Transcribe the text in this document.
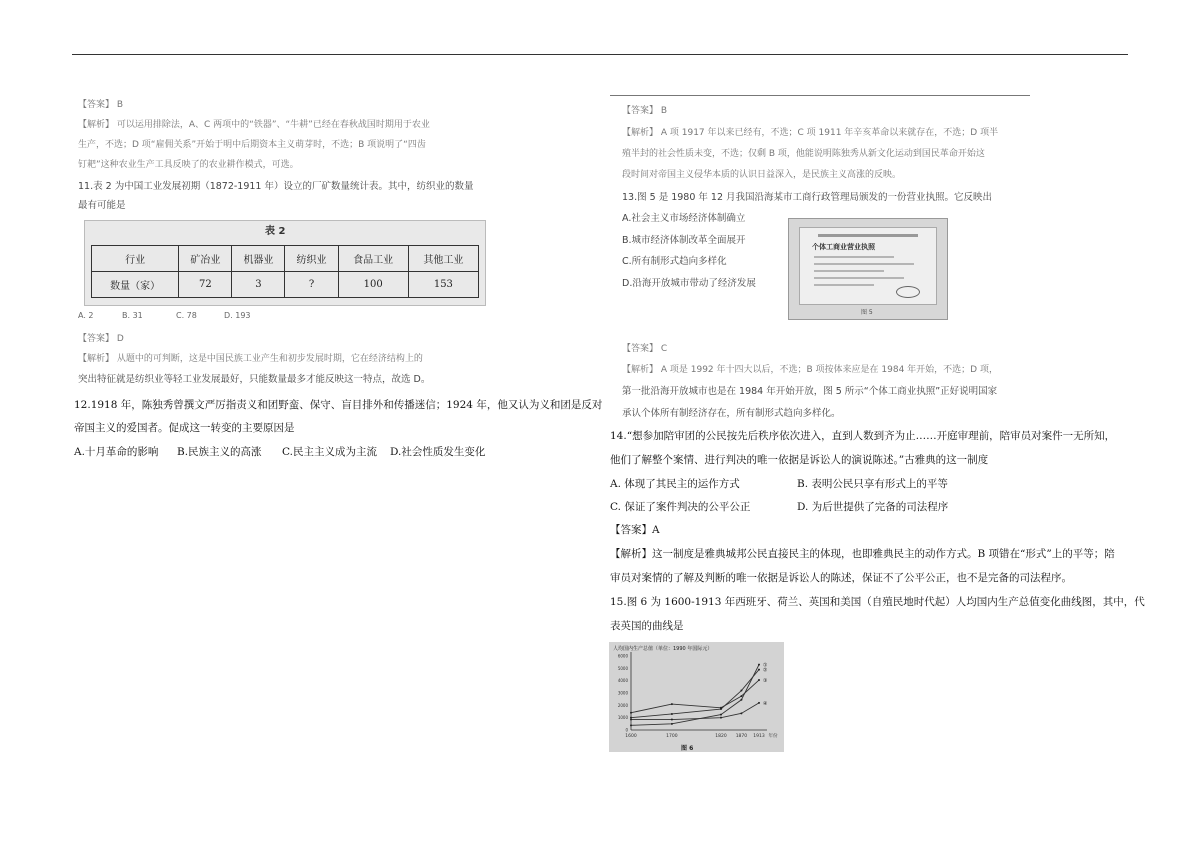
【答案】 B
【解析】 可以运用排除法，A、C 两项中的“铁器”、“牛耕”已经在春秋战国时期用于农业
生产，不选；D 项“雇佣关系”开始于明中后期资本主义萌芽时，不选；B 项说明了“四齿
钉耙”这种农业生产工具反映了的农业耕作模式，可选。
11.表 2 为中国工业发展初期（1872-1911 年）设立的厂矿数量统计表。其中，纺织业的数量
最有可能是
表 2
行业	矿冶业	机器业	纺织业	食品工业	其他工业
数量（家）	72	3	?	100	153
A. 2	B. 31	C. 78	D. 193
【答案】 D
【解析】 从题中的可判断，这是中国民族工业产生和初步发展时期，它在经济结构上的
突出特征就是纺织业等轻工业发展最好，只能数量最多才能反映这一特点，故选 D。
12.1918 年，陈独秀曾撰文严厉指责义和团野蛮、保守、盲目排外和传播迷信；1924 年，他又认为义和团是反对
帝国主义的爱国者。促成这一转变的主要原因是
A.十月革命的影响 B.民族主义的高涨 C.民主主义成为主流 D.社会性质发生变化
【答案】 B
【解析】 A 项 1917 年以来已经有，不选；C 项 1911 年辛亥革命以来就存在，不选；D 项半
殖半封的社会性质未变，不选；仅剩 B 项，他能说明陈独秀从新文化运动到国民革命开始这
段时间对帝国主义侵华本质的认识日益深入，是民族主义高涨的反映。
13.图 5 是 1980 年 12 月我国沿海某市工商行政管理局颁发的一份营业执照。它反映出
A.社会主义市场经济体制确立
B.城市经济体制改革全面展开
C.所有制形式趋向多样化
D.沿海开放城市带动了经济发展
个体工商业营业执照
图 5
【答案】 C
【解析】 A 项是 1992 年十四大以后，不选；B 项按体来应是在 1984 年开始，不选；D 项，
第一批沿海开放城市也是在 1984 年开始开放，图 5 所示“个体工商业执照”正好说明国家
承认个体所有制经济存在，所有制形式趋向多样化。
14.“想参加陪审团的公民按先后秩序依次进入，直到人数到齐为止……开庭审理前，陪审员对案件一无所知，
他们了解整个案情、进行判决的唯一依据是诉讼人的演说陈述。”古雅典的这一制度
A. 体现了其民主的运作方式	B. 表明公民只享有形式上的平等
C. 保证了案件判决的公平公正	D. 为后世提供了完备的司法程序
【答案】A
【解析】这一制度是雅典城邦公民直接民主的体现，也即雅典民主的动作方式。B 项错在“形式”上的平等；陪
审员对案情的了解及判断的唯一依据是诉讼人的陈述，保证不了公平公正，也不是完备的司法程序。
15.图 6 为 1600-1913 年西班牙、荷兰、英国和美国（自殖民地时代起）人均国内生产总值变化曲线图，其中，代
表英国的曲线是
人均国内生产总值（单位：1990 年国际元）
0
1000
2000
3000
4000
5000
6000
1600	1700	1820 1870 1913 年份
①
②
③
④
图 6
